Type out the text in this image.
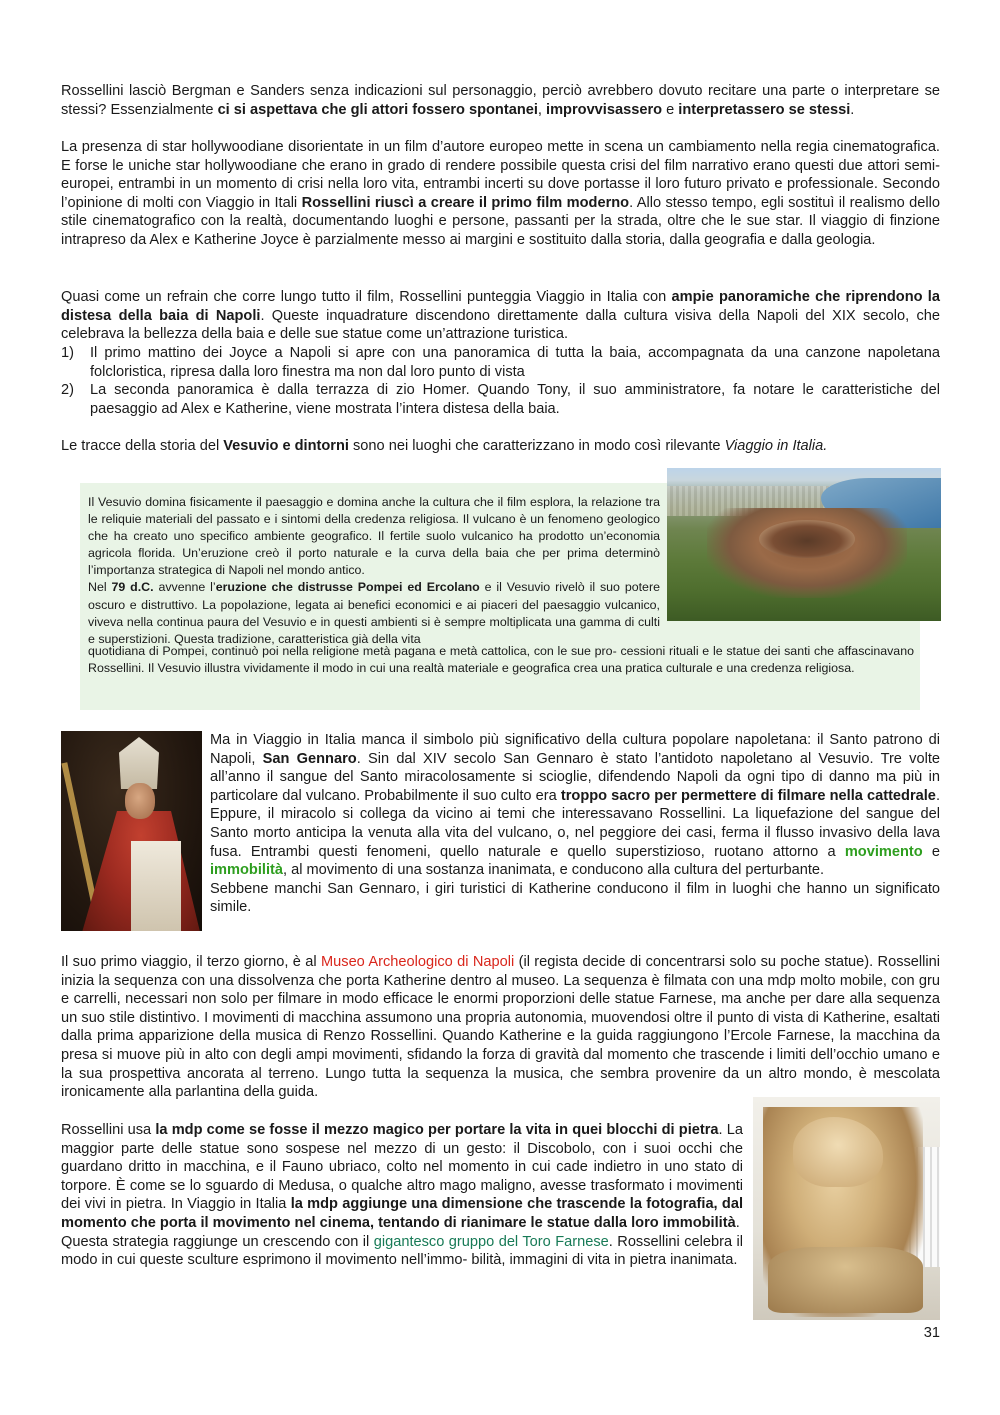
Rossellini lasciò Bergman e Sanders senza indicazioni sul personaggio, perciò avrebbero dovuto recitare una parte o interpretare se stessi? Essenzialmente ci si aspettava che gli attori fossero spontanei, improvvisassero e interpretassero se stessi.

La presenza di star hollywoodiane disorientate in un film d’autore europeo mette in scena un cambiamento nella regia cinematografica. E forse le uniche star hollywoodiane che erano in grado di rendere possibile questa crisi del film narrativo erano questi due attori semi-europei, entrambi in un momento di crisi nella loro vita, entrambi incerti su dove portasse il loro futuro privato e professionale. Secondo l’opinione di molti con Viaggio in Itali Rossellini riuscì a creare il primo film moderno. Allo stesso tempo, egli sostituì il realismo dello stile cinematografico con la realtà, documentando luoghi e persone, passanti per la strada, oltre che le sue star. Il viaggio di finzione intrapreso da Alex e Katherine Joyce è parzialmente messo ai margini e sostituito dalla storia, dalla geografia e dalla geologia.

Quasi come un refrain che corre lungo tutto il film, Rossellini punteggia Viaggio in Italia con ampie panoramiche che riprendono la distesa della baia di Napoli. Queste inquadrature discendono direttamente dalla cultura visiva della Napoli del XIX secolo, che celebrava la bellezza della baia e delle sue statue come un’attrazione turistica.

1) Il primo mattino dei Joyce a Napoli si apre con una panoramica di tutta la baia, accompagnata da una canzone napoletana folcloristica, ripresa dalla loro finestra ma non dal loro punto di vista
2) La seconda panoramica è dalla terrazza di zio Homer. Quando Tony, il suo amministratore, fa notare le caratteristiche del paesaggio ad Alex e Katherine, viene mostrata l’intera distesa della baia.

Le tracce della storia del Vesuvio e dintorni sono nei luoghi che caratterizzano in modo così rilevante Viaggio in Italia.

Il Vesuvio domina fisicamente il paesaggio e domina anche la cultura che il film esplora, la relazione tra le reliquie materiali del passato e i sintomi della credenza religiosa. Il vulcano è un fenomeno geologico che ha creato uno specifico ambiente geografico. Il fertile suolo vulcanico ha prodotto un’economia agricola florida. Un’eruzione creò il porto naturale e la curva della baia che per prima determinò l’importanza strategica di Napoli nel mondo antico.
Nel 79 d.C. avvenne l’eruzione che distrusse Pompei ed Ercolano e il Vesuvio rivelò il suo potere oscuro e distruttivo. La popolazione, legata ai benefici economici e ai piaceri del paesaggio vulcanico, viveva nella continua paura del Vesuvio e in questi ambienti si è sempre moltiplicata una gamma di culti e superstizioni. Questa tradizione, caratteristica già della vita

quotidiana di Pompei, continuò poi nella religione metà pagana e metà cattolica, con le sue pro- cessioni rituali e le statue dei santi che affascinavano Rossellini. Il Vesuvio illustra vividamente il modo in cui una realtà materiale e geografica crea una pratica culturale e una credenza religiosa.

Ma in Viaggio in Italia manca il simbolo più significativo della cultura popolare napoletana: il Santo patrono di Napoli, San Gennaro. Sin dal XIV secolo San Gennaro è stato l’antidoto napoletano al Vesuvio. Tre volte all’anno il sangue del Santo miracolosamente si scioglie, difendendo Napoli da ogni tipo di danno ma più in particolare dal vulcano. Probabilmente il suo culto era troppo sacro per permettere di filmare nella cattedrale. Eppure, il miracolo si collega da vicino ai temi che interessavano Rossellini. La liquefazione del sangue del Santo morto anticipa la venuta alla vita del vulcano, o, nel peggiore dei casi, ferma il flusso invasivo della lava fusa. Entrambi questi fenomeni, quello naturale e quello superstizioso, ruotano attorno a movimento e immobilità, al movimento di una sostanza inanimata, e conducono alla cultura del perturbante.
Sebbene manchi San Gennaro, i giri turistici di Katherine conducono il film in luoghi che hanno un significato simile.

Il suo primo viaggio, il terzo giorno, è al Museo Archeologico di Napoli (il regista decide di concentrarsi solo su poche statue). Rossellini inizia la sequenza con una dissolvenza che porta Katherine dentro al museo. La sequenza è filmata con una mdp molto mobile, con gru e carrelli, necessari non solo per filmare in modo efficace le enormi proporzioni delle statue Farnese, ma anche per dare alla sequenza un suo stile distintivo. I movimenti di macchina assumono una propria autonomia, muovendosi oltre il punto di vista di Katherine, esaltati dalla prima apparizione della musica di Renzo Rossellini. Quando Katherine e la guida raggiungono l’Ercole Farnese, la macchina da presa si muove più in alto con degli ampi movimenti, sfidando la forza di gravità dal momento che trascende i limiti dell’occhio umano e la sua prospettiva ancorata al terreno. Lungo tutta la sequenza la musica, che sembra provenire da un altro mondo, è mescolata ironicamente alla parlantina della guida.

Rossellini usa la mdp come se fosse il mezzo magico per portare la vita in quei blocchi di pietra. La maggior parte delle statue sono sospese nel mezzo di un gesto: il Discobolo, con i suoi occhi che guardano dritto in macchina, e il Fauno ubriaco, colto nel momento in cui cade indietro in uno stato di torpore. È come se lo sguardo di Medusa, o qualche altro mago maligno, avesse trasformato i movimenti dei vivi in pietra. In Viaggio in Italia la mdp aggiunge una dimensione che trascende la fotografia, dal momento che porta il movimento nel cinema, tentando di rianimare le statue dalla loro immobilità.
Questa strategia raggiunge un crescendo con il gigantesco gruppo del Toro Farnese. Rossellini celebra il modo in cui queste sculture esprimono il movimento nell’immo- bilità, immagini di vita in pietra inanimata.

31
